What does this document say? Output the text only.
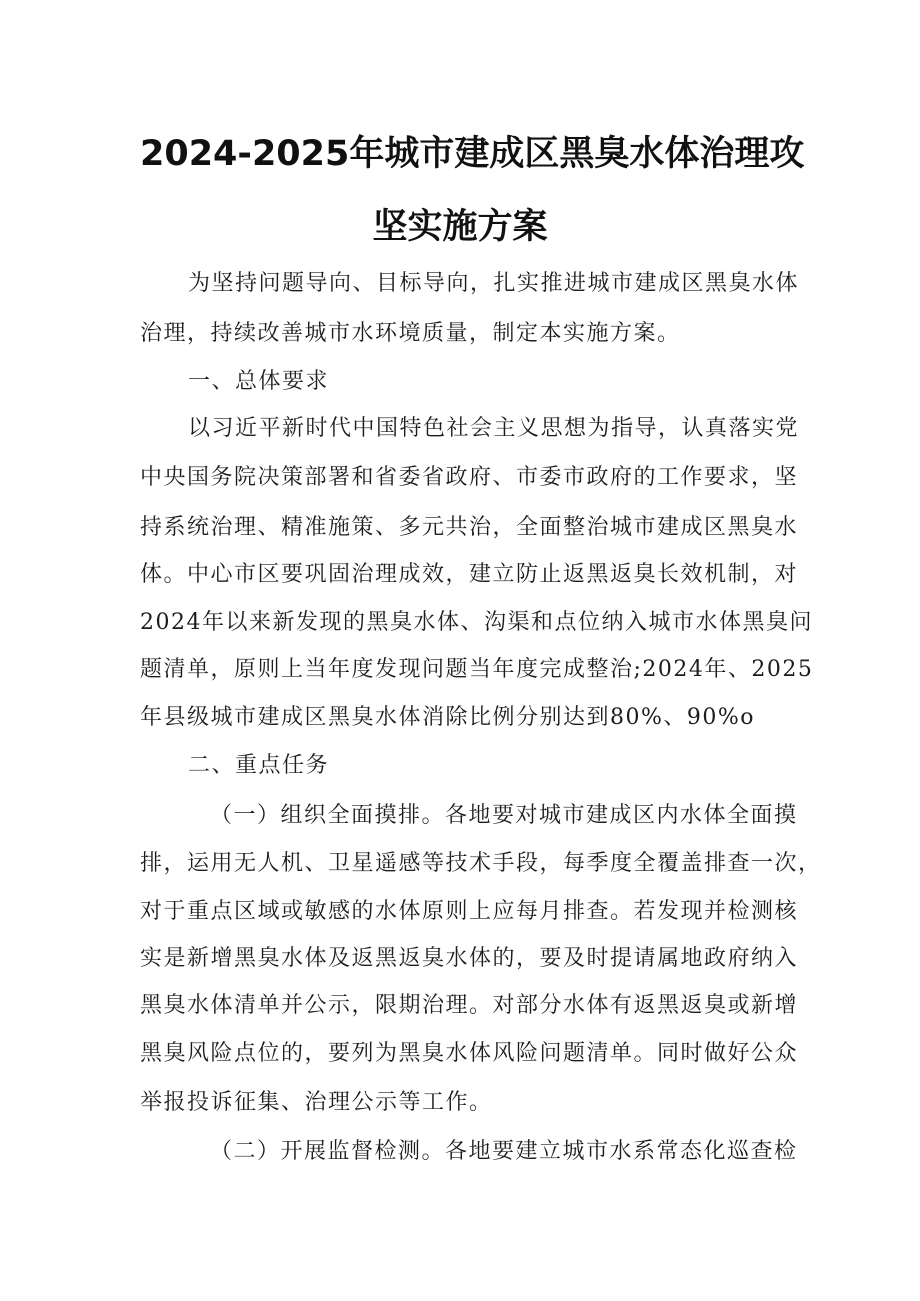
2024-2025年城市建成区黑臭水体治理攻
坚实施方案
为坚持问题导向、目标导向，扎实推进城市建成区黑臭水体
治理，持续改善城市水环境质量，制定本实施方案。
一、总体要求
以习近平新时代中国特色社会主义思想为指导，认真落实党
中央国务院决策部署和省委省政府、市委市政府的工作要求，坚
持系统治理、精准施策、多元共治，全面整治城市建成区黑臭水
体。中心市区要巩固治理成效，建立防止返黑返臭长效机制，对
2024年以来新发现的黑臭水体、沟渠和点位纳入城市水体黑臭问
题清单，原则上当年度发现问题当年度完成整治;2024年、2025
年县级城市建成区黑臭水体消除比例分别达到80%、90%o
二、重点任务
（一）组织全面摸排。各地要对城市建成区内水体全面摸
排，运用无人机、卫星遥感等技术手段，每季度全覆盖排查一次，
对于重点区域或敏感的水体原则上应每月排查。若发现并检测核
实是新增黑臭水体及返黑返臭水体的，要及时提请属地政府纳入
黑臭水体清单并公示，限期治理。对部分水体有返黑返臭或新增
黑臭风险点位的，要列为黑臭水体风险问题清单。同时做好公众
举报投诉征集、治理公示等工作。
（二）开展监督检测。各地要建立城市水系常态化巡查检
